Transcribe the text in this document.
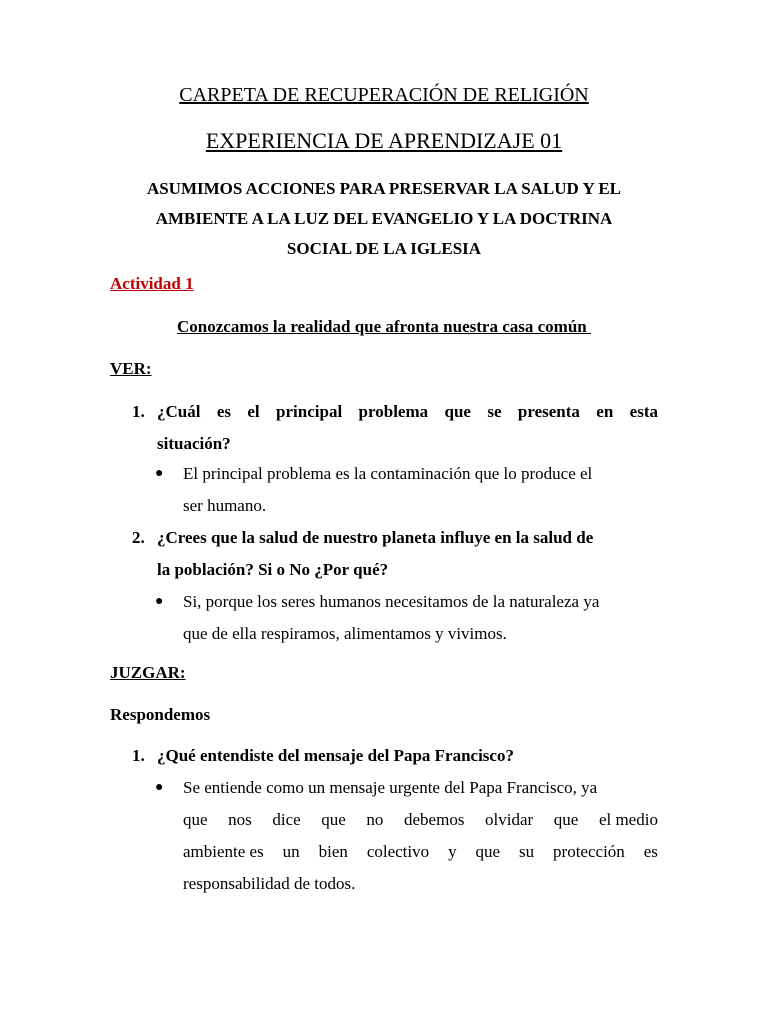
CARPETA DE RECUPERACIÓN DE RELIGIÓN
EXPERIENCIA DE APRENDIZAJE 01
ASUMIMOS ACCIONES PARA PRESERVAR LA SALUD Y EL
AMBIENTE A LA LUZ DEL EVANGELIO Y LA DOCTRINA
SOCIAL DE LA IGLESIA
Actividad 1
Conozcamos la realidad que afronta nuestra casa común
VER:
1. ¿Cuál es el principal problema que se presenta en esta
situación?
●	El principal problema es la contaminación que lo produce el
ser humano.
2. ¿Crees que la salud de nuestro planeta influye en la salud de
la población? Si o No ¿Por qué?
●	Si, porque los seres humanos necesitamos de la naturaleza ya
que de ella respiramos, alimentamos y vivimos.
JUZGAR:
Respondemos
1. ¿Qué entendiste del mensaje del Papa Francisco?
●	Se entiende como un mensaje urgente del Papa Francisco, ya
que nos dice que no debemos olvidar que el medio
ambiente es un bien colectivo y que su protección es
responsabilidad de todos.
